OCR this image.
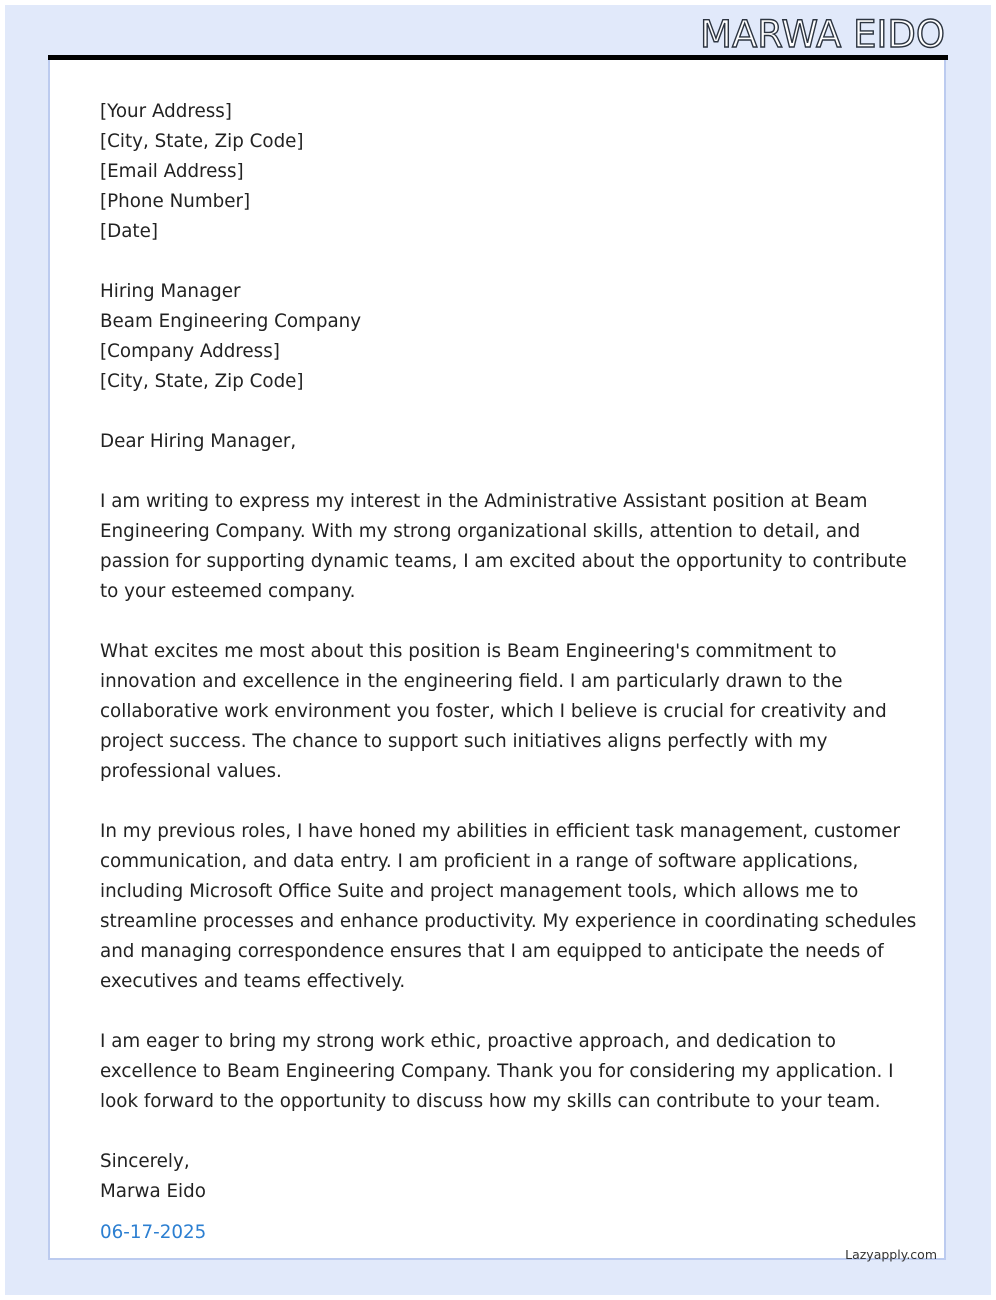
MARWA EIDO
[Your Address]
[City, State, Zip Code]
[Email Address]
[Phone Number]
[Date]
Hiring Manager
Beam Engineering Company
[Company Address]
[City, State, Zip Code]
Dear Hiring Manager,
I am writing to express my interest in the Administrative Assistant position at Beam
Engineering Company. With my strong organizational skills, attention to detail, and
passion for supporting dynamic teams, I am excited about the opportunity to contribute
to your esteemed company.
What excites me most about this position is Beam Engineering's commitment to
innovation and excellence in the engineering field. I am particularly drawn to the
collaborative work environment you foster, which I believe is crucial for creativity and
project success. The chance to support such initiatives aligns perfectly with my
professional values.
In my previous roles, I have honed my abilities in efficient task management, customer
communication, and data entry. I am proficient in a range of software applications,
including Microsoft Office Suite and project management tools, which allows me to
streamline processes and enhance productivity. My experience in coordinating schedules
and managing correspondence ensures that I am equipped to anticipate the needs of
executives and teams effectively.
I am eager to bring my strong work ethic, proactive approach, and dedication to
excellence to Beam Engineering Company. Thank you for considering my application. I
look forward to the opportunity to discuss how my skills can contribute to your team.
Sincerely,
Marwa Eido
06-17-2025
Lazyapply.com
